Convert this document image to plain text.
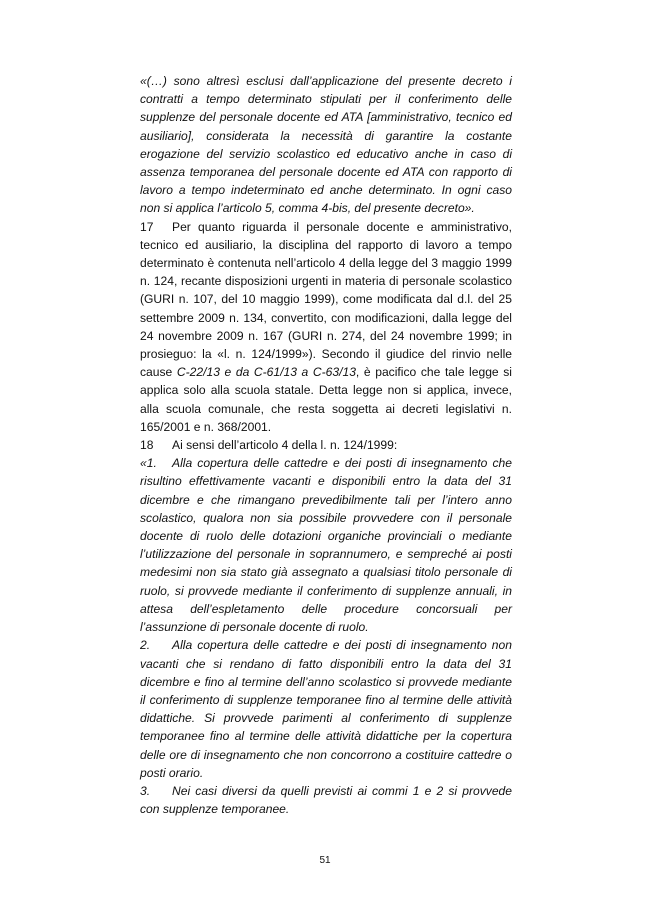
«(…) sono altresì esclusi dall’applicazione del presente decreto i contratti a tempo determinato stipulati per il conferimento delle supplenze del personale docente ed ATA [amministrativo, tecnico ed ausiliario], considerata la necessità di garantire la costante erogazione del servizio scolastico ed educativo anche in caso di assenza temporanea del personale docente ed ATA con rapporto di lavoro a tempo indeterminato ed anche determinato. In ogni caso non si applica l’articolo 5, comma 4-bis, del presente decreto».

17 Per quanto riguarda il personale docente e amministrativo, tecnico ed ausiliario, la disciplina del rapporto di lavoro a tempo determinato è contenuta nell’articolo 4 della legge del 3 maggio 1999 n. 124, recante disposizioni urgenti in materia di personale scolastico (GURI n. 107, del 10 maggio 1999), come modificata dal d.l. del 25 settembre 2009 n. 134, convertito, con modificazioni, dalla legge del 24 novembre 2009 n. 167 (GURI n. 274, del 24 novembre 1999; in prosieguo: la «l. n. 124/1999»). Secondo il giudice del rinvio nelle cause C-22/13 e da C-61/13 a C-63/13, è pacifico che tale legge si applica solo alla scuola statale. Detta legge non si applica, invece, alla scuola comunale, che resta soggetta ai decreti legislativi n. 165/2001 e n. 368/2001.

18 Ai sensi dell’articolo 4 della l. n. 124/1999:

«1. Alla copertura delle cattedre e dei posti di insegnamento che risultino effettivamente vacanti e disponibili entro la data del 31 dicembre e che rimangano prevedibilmente tali per l’intero anno scolastico, qualora non sia possibile provvedere con il personale docente di ruolo delle dotazioni organiche provinciali o mediante l’utilizzazione del personale in soprannumero, e sempreché ai posti medesimi non sia stato già assegnato a qualsiasi titolo personale di ruolo, si provvede mediante il conferimento di supplenze annuali, in attesa dell’espletamento delle procedure concorsuali per l’assunzione di personale docente di ruolo.

2. Alla copertura delle cattedre e dei posti di insegnamento non vacanti che si rendano di fatto disponibili entro la data del 31 dicembre e fino al termine dell’anno scolastico si provvede mediante il conferimento di supplenze temporanee fino al termine delle attività didattiche. Si provvede parimenti al conferimento di supplenze temporanee fino al termine delle attività didattiche per la copertura delle ore di insegnamento che non concorrono a costituire cattedre o posti orario.

3. Nei casi diversi da quelli previsti ai commi 1 e 2 si provvede con supplenze temporanee.

51
